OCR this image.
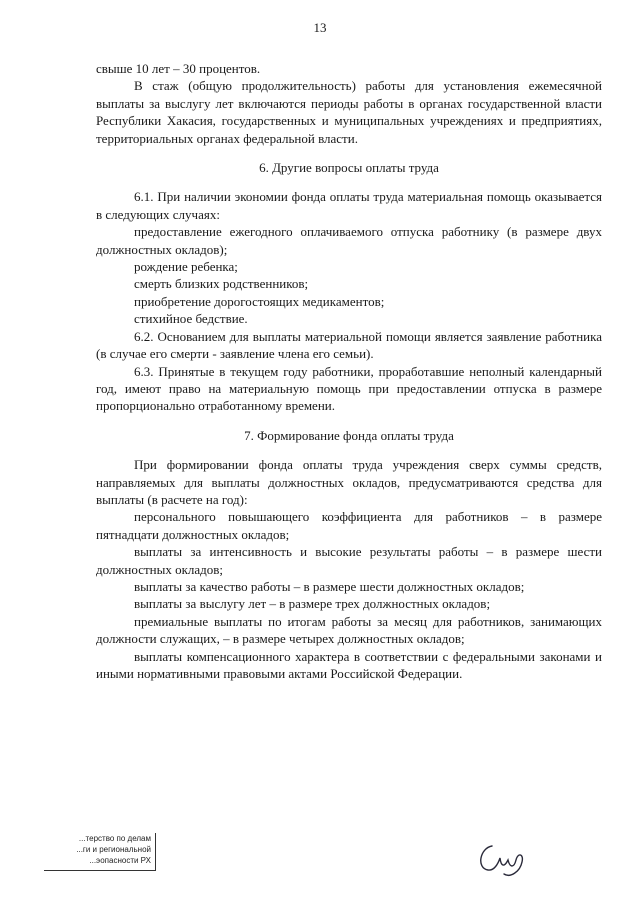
13

свыше 10 лет – 30 процентов.

В стаж (общую продолжительность) работы для установления ежемесячной выплаты за выслугу лет включаются периоды работы в органах государственной власти Республики Хакасия, государственных и муниципальных учреждениях и предприятиях, территориальных органах федеральной власти.

6. Другие вопросы оплаты труда

6.1. При наличии экономии фонда оплаты труда материальная помощь оказывается в следующих случаях:

предоставление ежегодного оплачиваемого отпуска работнику (в размере двух должностных окладов);

рождение ребенка;

смерть близких родственников;

приобретение дорогостоящих медикаментов;

стихийное бедствие.

6.2. Основанием для выплаты материальной помощи является заявление работника (в случае его смерти - заявление члена его семьи).

6.3. Принятые в текущем году работники, проработавшие неполный календарный год, имеют право на материальную помощь при предоставлении отпуска в размере пропорционально отработанному времени.

7. Формирование фонда оплаты труда

При формировании фонда оплаты труда учреждения сверх суммы средств, направляемых для выплаты должностных окладов, предусматриваются средства для выплаты (в расчете на год):

персонального повышающего коэффициента для работников – в размере пятнадцати должностных окладов;

выплаты за интенсивность и высокие результаты работы – в размере шести должностных окладов;

выплаты за качество работы – в размере шести должностных окладов;

выплаты за выслугу лет – в размере трех должностных окладов;

премиальные выплаты по итогам работы за месяц для работников, занимающих должности служащих, – в размере четырех должностных окладов;

выплаты компенсационного характера в соответствии с федеральными законами и иными нормативными правовыми актами Российской Федерации.

...терство по делам
...ги и региональной
...эопасности РХ
